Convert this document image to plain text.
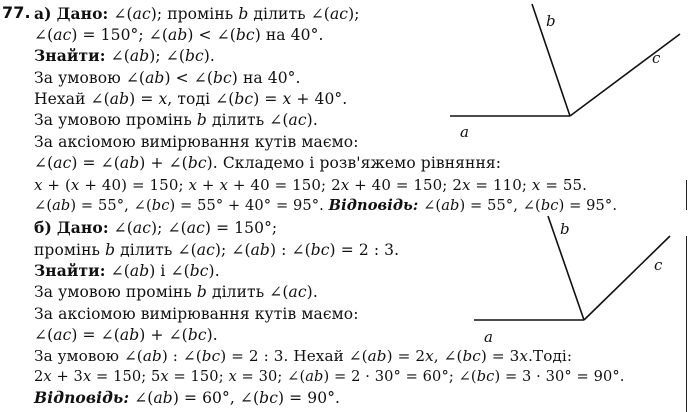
77. а) Дано: ∠(ac); промінь b ділить ∠(ac);
∠(ac) = 150°; ∠(ab) < ∠(bc) на 40°.
Знайти: ∠(ab); ∠(bc).
За умовою ∠(ab) < ∠(bc) на 40°.
Нехай ∠(ab) = x, тоді ∠(bc) = x + 40°.
За умовою промінь b ділить ∠(ac).
За аксіомою вимірювання кутів маємо:
∠(ac) = ∠(ab) + ∠(bc). Складемо і розв'яжемо рівняння:
x + (x + 40) = 150; x + x + 40 = 150; 2x + 40 = 150; 2x = 110; x = 55.
∠(ab) = 55°, ∠(bc) = 55° + 40° = 95°. Відповідь: ∠(ab) = 55°, ∠(bc) = 95°.
b
c
a
б) Дано: ∠(ac); ∠(ac) = 150°;
промінь b ділить ∠(ac); ∠(ab) : ∠(bc) = 2 : 3.
Знайти: ∠(ab) і ∠(bc).
За умовою промінь b ділить ∠(ac).
За аксіомою вимірювання кутів маємо:
∠(ac) = ∠(ab) + ∠(bc).
За умовою ∠(ab) : ∠(bc) = 2 : 3. Нехай ∠(ab) = 2x, ∠(bc) = 3x.Тоді:
2x + 3x = 150; 5x = 150; x = 30; ∠(ab) = 2 · 30° = 60°; ∠(bc) = 3 · 30° = 90°.
Відповідь: ∠(ab) = 60°, ∠(bc) = 90°.
b
c
a
